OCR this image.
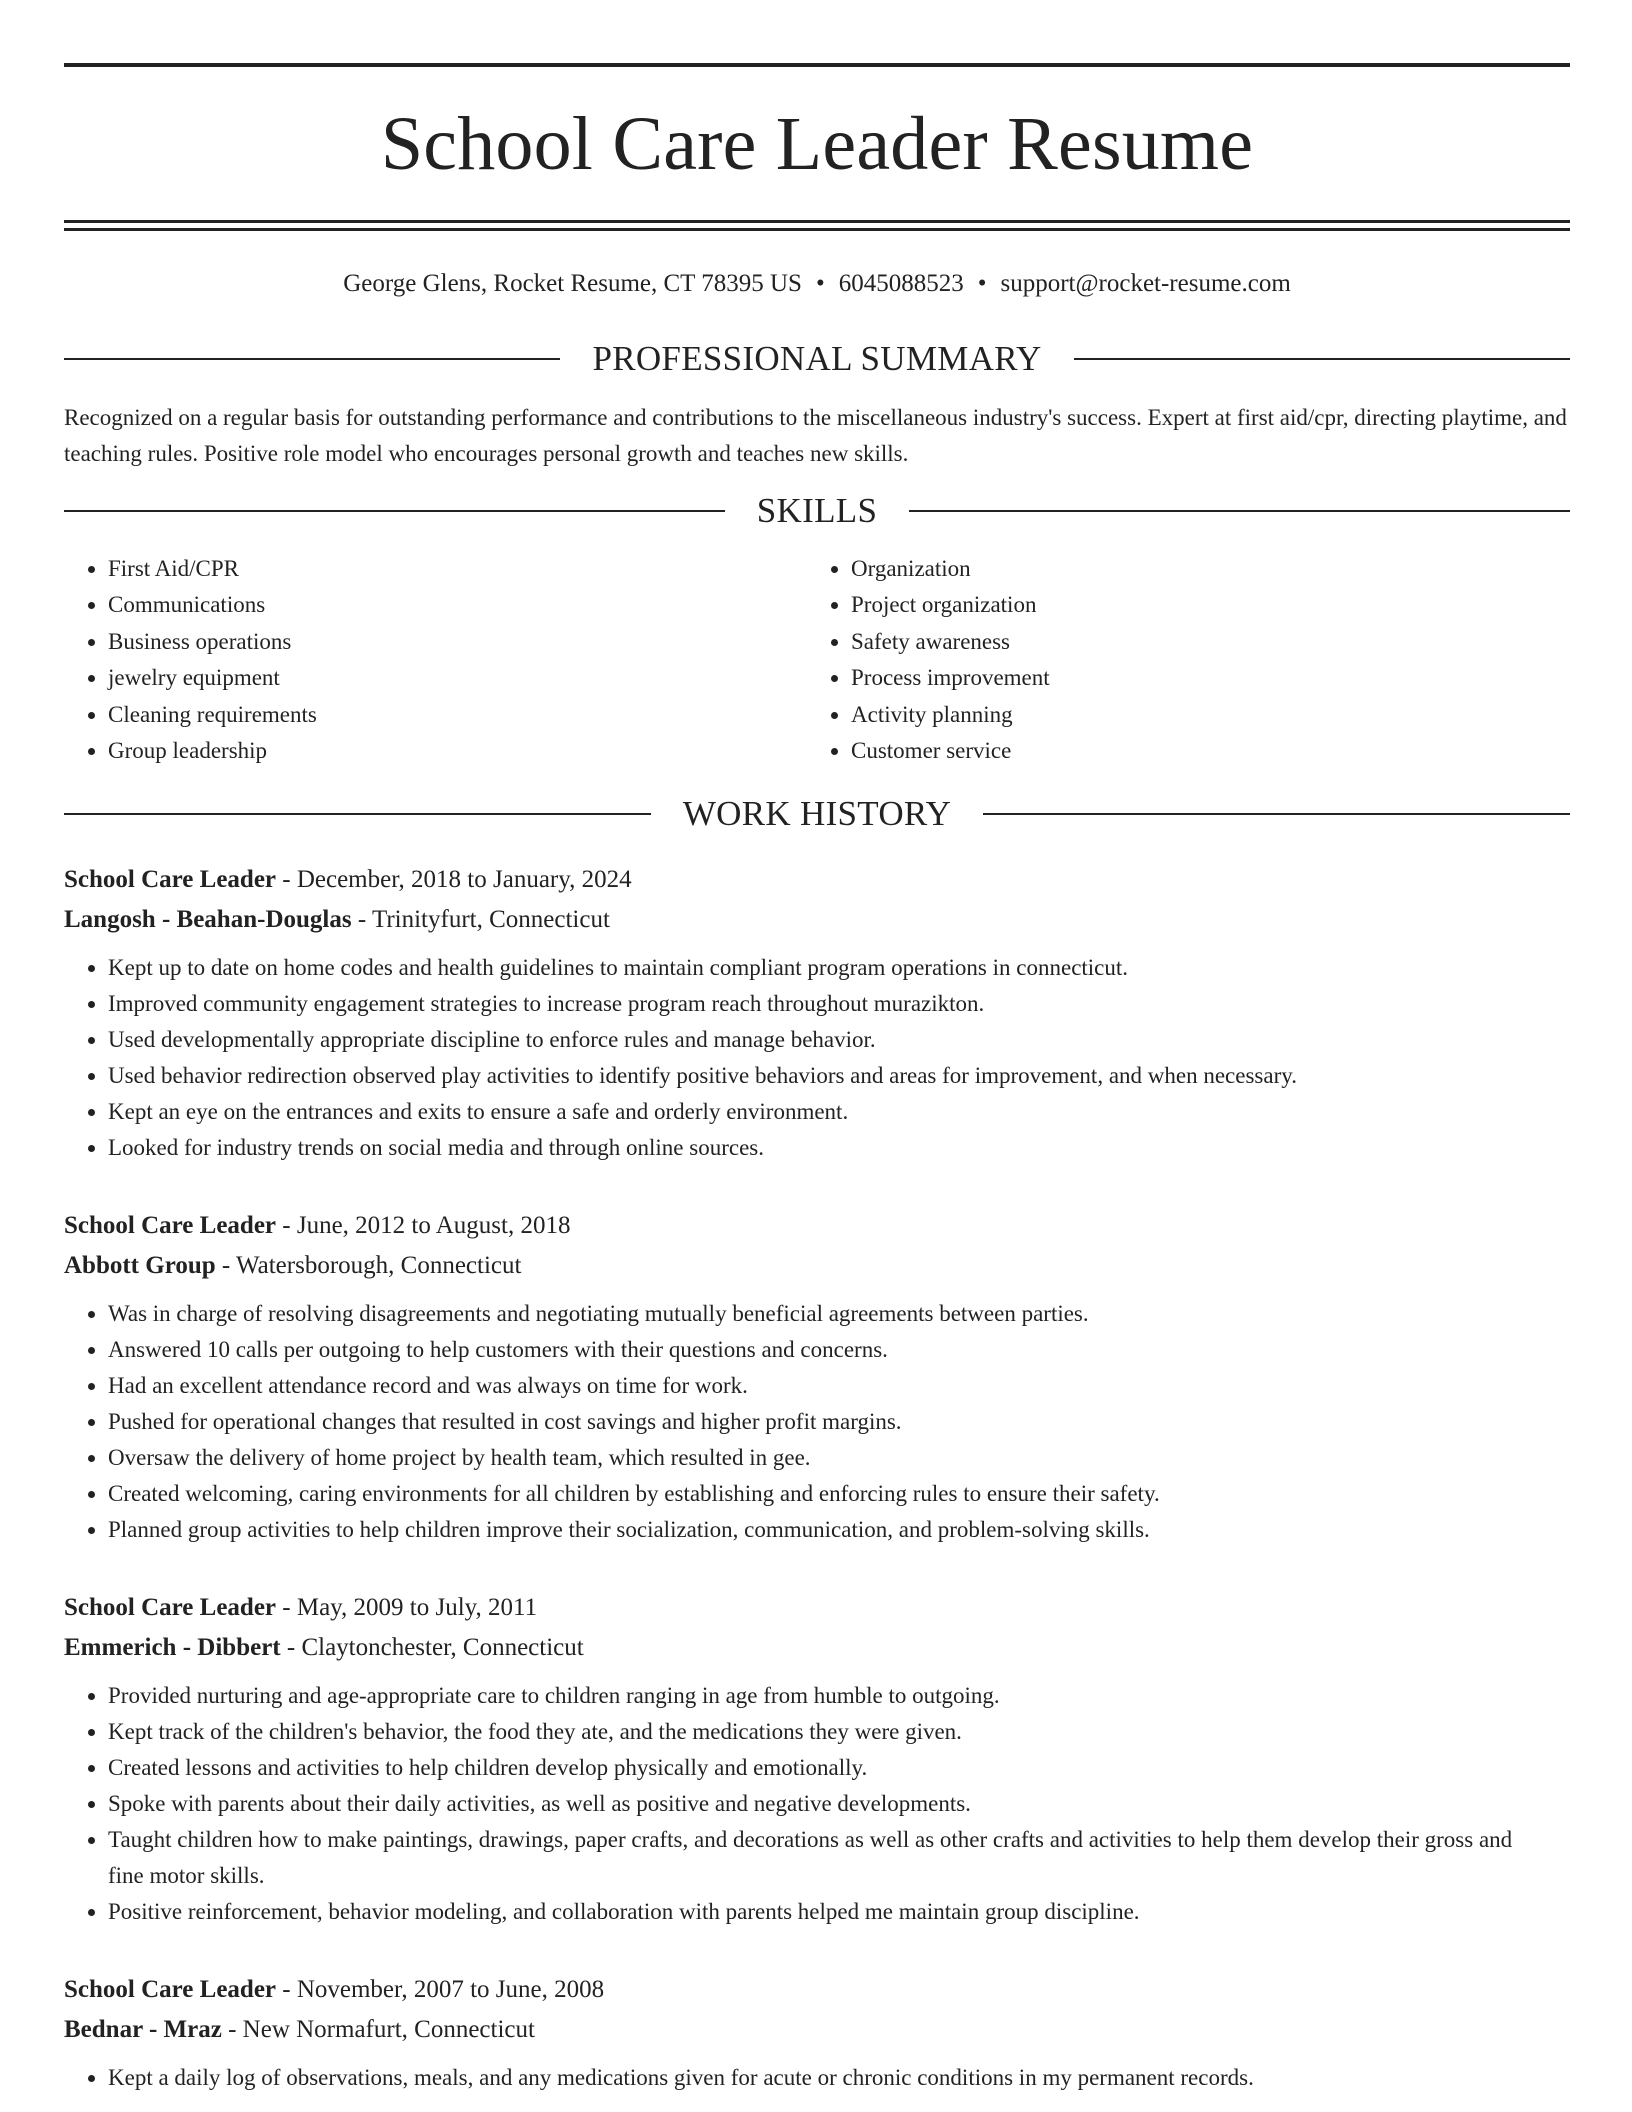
School Care Leader Resume
George Glens, Rocket Resume, CT 78395 US • 6045088523 • support@rocket-resume.com
PROFESSIONAL SUMMARY
Recognized on a regular basis for outstanding performance and contributions to the miscellaneous industry's success. Expert at first aid/cpr, directing playtime, and teaching rules. Positive role model who encourages personal growth and teaches new skills.
SKILLS
• First Aid/CPR
• Communications
• Business operations
• jewelry equipment
• Cleaning requirements
• Group leadership
• Organization
• Project organization
• Safety awareness
• Process improvement
• Activity planning
• Customer service
WORK HISTORY
School Care Leader - December, 2018 to January, 2024
Langosh - Beahan-Douglas - Trinityfurt, Connecticut
• Kept up to date on home codes and health guidelines to maintain compliant program operations in connecticut.
• Improved community engagement strategies to increase program reach throughout murazikton.
• Used developmentally appropriate discipline to enforce rules and manage behavior.
• Used behavior redirection observed play activities to identify positive behaviors and areas for improvement, and when necessary.
• Kept an eye on the entrances and exits to ensure a safe and orderly environment.
• Looked for industry trends on social media and through online sources.
School Care Leader - June, 2012 to August, 2018
Abbott Group - Watersborough, Connecticut
• Was in charge of resolving disagreements and negotiating mutually beneficial agreements between parties.
• Answered 10 calls per outgoing to help customers with their questions and concerns.
• Had an excellent attendance record and was always on time for work.
• Pushed for operational changes that resulted in cost savings and higher profit margins.
• Oversaw the delivery of home project by health team, which resulted in gee.
• Created welcoming, caring environments for all children by establishing and enforcing rules to ensure their safety.
• Planned group activities to help children improve their socialization, communication, and problem-solving skills.
School Care Leader - May, 2009 to July, 2011
Emmerich - Dibbert - Claytonchester, Connecticut
• Provided nurturing and age-appropriate care to children ranging in age from humble to outgoing.
• Kept track of the children's behavior, the food they ate, and the medications they were given.
• Created lessons and activities to help children develop physically and emotionally.
• Spoke with parents about their daily activities, as well as positive and negative developments.
• Taught children how to make paintings, drawings, paper crafts, and decorations as well as other crafts and activities to help them develop their gross and fine motor skills.
• Positive reinforcement, behavior modeling, and collaboration with parents helped me maintain group discipline.
School Care Leader - November, 2007 to June, 2008
Bednar - Mraz - New Normafurt, Connecticut
• Kept a daily log of observations, meals, and any medications given for acute or chronic conditions in my permanent records.
